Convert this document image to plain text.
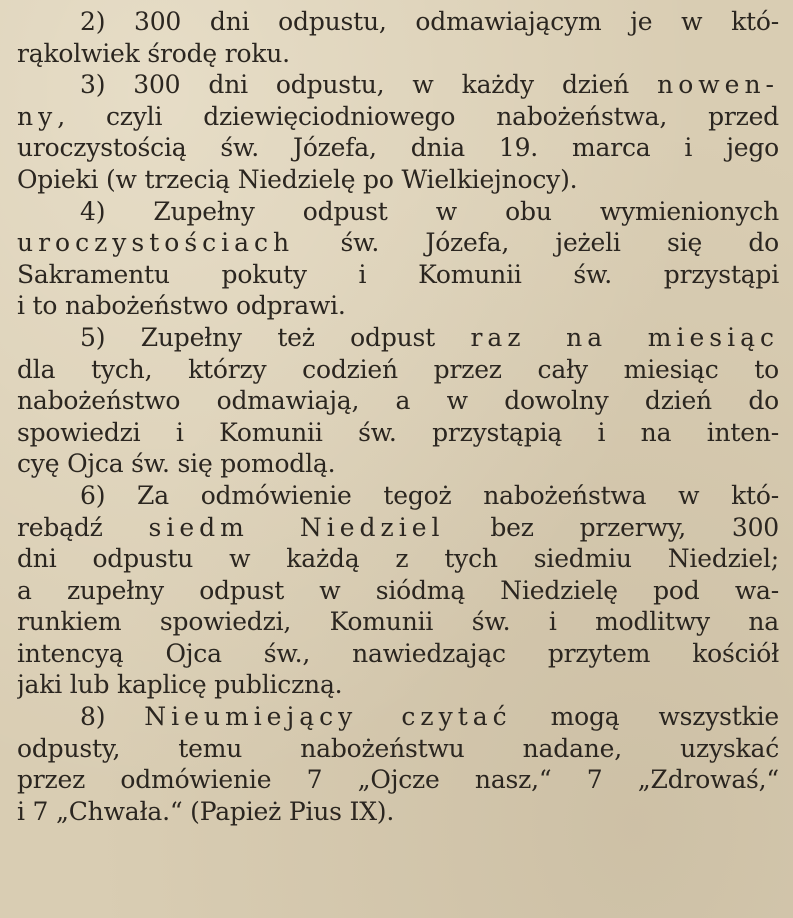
2) 300 dni odpustu, odmawiającym je w któ-
rąkolwiek środę roku.

3) 300 dni odpustu, w każdy dzień nowen-
ny, czyli dziewięciodniowego nabożeństwa, przed
uroczystością św. Józefa, dnia 19. marca i jego
Opieki (w trzecią Niedzielę po Wielkiejnocy).

4) Zupełny odpust w obu wymienionych
uroczystościach św. Józefa, jeżeli się do
Sakramentu pokuty i Komunii św. przystąpi
i to nabożeństwo odprawi.

5) Zupełny też odpust raz na miesiąc
dla tych, którzy codzień przez cały miesiąc to
nabożeństwo odmawiają, a w dowolny dzień do
spowiedzi i Komunii św. przystąpią i na inten-
cyę Ojca św. się pomodlą.

6) Za odmówienie tegoż nabożeństwa w któ-
rebądź siedm Niedziel bez przerwy, 300
dni odpustu w każdą z tych siedmiu Niedziel;
a zupełny odpust w siódmą Niedzielę pod wa-
runkiem spowiedzi, Komunii św. i modlitwy na
intencyą Ojca św., nawiedzając przytem kościół
jaki lub kaplicę publiczną.

8) Nieumiejący czytać mogą wszystkie
odpusty, temu nabożeństwu nadane, uzyskać
przez odmówienie 7 „Ojcze nasz,“ 7 „Zdrowaś,“
i 7 „Chwała.“ (Papież Pius IX).
